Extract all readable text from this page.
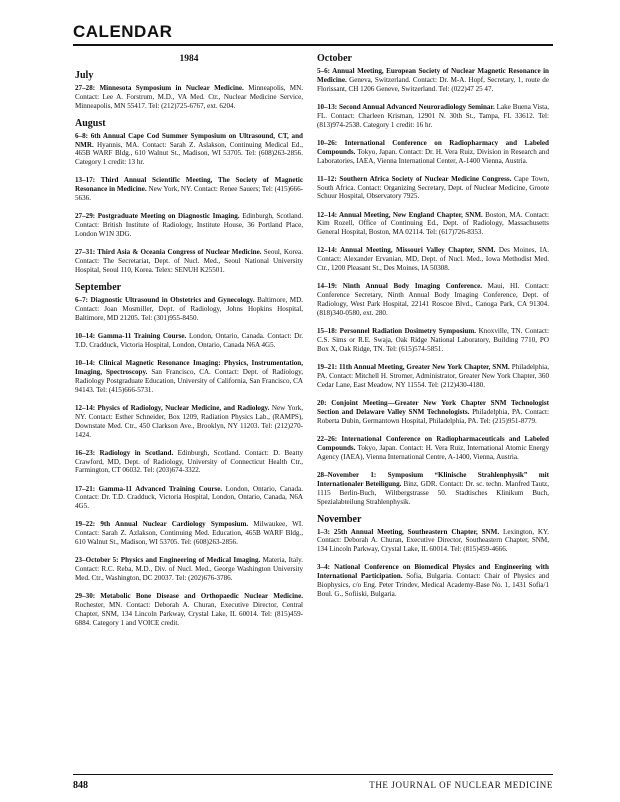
CALENDAR
1984
July

27–28: Minnesota Symposium in Nuclear Medicine. Minneapolis, MN. Contact: Lee A. Forstrum, M.D., VA Med. Ctr., Nuclear Medicine Service, Minneapolis, MN 55417. Tel: (212)725-6767, ext. 6204.

August

6–8: 6th Annual Cape Cod Summer Symposium on Ultrasound, CT, and NMR. Hyannis, MA. Contact: Sarah Z. Aslakson, Continuing Medical Ed., 465B WARF Bldg., 610 Walnut St., Madison, WI 53705. Tel: (608)263-2856. Category 1 credit: 13 hr.

13–17: Third Annual Scientific Meeting, The Society of Magnetic Resonance in Medicine. New York, NY. Contact: Renee Sauers; Tel: (415)666-5636.

27–29: Postgraduate Meeting on Diagnostic Imaging. Edinburgh, Scotland. Contact: British Institute of Radiology, Institute House, 36 Portland Place, London W1N 3DG.

27–31: Third Asia & Oceania Congress of Nuclear Medicine. Seoul, Korea. Contact: The Secretariat, Dept. of Nucl. Med., Seoul National University Hospital, Seoul 110, Korea. Telex: SENUH K25501.

September

6–7: Diagnostic Ultrasound in Obstetrics and Gynecology. Baltimore, MD. Contact: Joan Mosmiller, Dept. of Radiology, Johns Hopkins Hospital, Baltimore, MD 21205. Tel: (301)955-8450.

10–14: Gamma-11 Training Course. London, Ontario, Canada. Contact: Dr. T.D. Cradduck, Victoria Hospital, London, Ontario, Canada N6A 4G5.

10–14: Clinical Magnetic Resonance Imaging: Physics, Instrumentation, Imaging, Spectroscopy. San Francisco, CA. Contact: Dept. of Radiology, Radiology Postgraduate Education, University of California, San Francisco, CA 94143. Tel: (415)666-5731.

12–14: Physics of Radiology, Nuclear Medicine, and Radiology. New York, NY. Contact: Esther Schneider, Box 1209, Radiation Physics Lab., (RAMPS), Downstate Med. Ctr., 450 Clarkson Ave., Brooklyn, NY 11203. Tel: (212)270-1424.

16–23: Radiology in Scotland. Edinburgh, Scotland. Contact: D. Beatty Crawford, MD, Dept. of Radiology, University of Connecticut Health Ctr., Farmington, CT 06032. Tel: (203)674-3322.

17–21: Gamma-11 Advanced Training Course. London, Ontario, Canada. Contact: Dr. T.D. Cradduck, Victoria Hospital, London, Ontario, Canada, N6A 4G5.

19–22: 9th Annual Nuclear Cardiology Symposium. Milwaukee, WI. Contact: Sarah Z. Azlakson, Continuing Med. Education, 465B WARF Bldg., 610 Walnut St., Madison, WI 53705. Tel: (608)263-2856.

23–October 5: Physics and Engineering of Medical Imaging. Materia, Italy. Contact: R.C. Reba, M.D., Div. of Nucl. Med., George Washington University Med. Ctr., Washington, DC 20037. Tel: (202)676-3786.

29–30: Metabolic Bone Disease and Orthopaedic Nuclear Medicine. Rochester, MN. Contact: Deborah A. Churan, Executive Director, Central Chapter, SNM, 134 Lincoln Parkway, Crystal Lake, IL 60014. Tel: (815)459-6884. Category 1 and VOICE credit.

October

5–6: Annual Meeting, European Society of Nuclear Magnetic Resonance in Medicine. Geneva, Switzerland. Contact: Dr. M-A. Hopf, Secretary, 1, route de Florissant, CH 1206 Geneve, Switzerland. Tel: (022)47 25 47.

10–13: Second Annual Advanced Neuroradiology Seminar. Lake Buena Vista, FL. Contact: Charleen Krisman, 12901 N. 30th St., Tampa, FL 33612. Tel: (813)974-2538. Category 1 credit: 16 hr.

10–26: International Conference on Radiopharmacy and Labeled Compounds. Tokyo, Japan. Contact: Dr. H. Vera Ruiz, Division in Research and Laboratories, IAEA, Vienna International Center, A-1400 Vienna, Austria.

11–12: Southern Africa Society of Nuclear Medicine Congress. Cape Town, South Africa. Contact: Organizing Secretary, Dept. of Nuclear Medicine, Groote Schuur Hospital, Observatory 7925.

12–14: Annual Meeting, New England Chapter, SNM. Boston, MA. Contact: Kim Rozell, Office of Continuing Ed., Dept. of Radiology, Massachusetts General Hospital, Boston, MA 02114. Tel: (617)726-8353.

12–14: Annual Meeting, Missouri Valley Chapter, SNM. Des Moines, IA. Contact: Alexander Ervanian, MD, Dept. of Nucl. Med., Iowa Methodist Med. Ctr., 1200 Pleasant St., Des Moines, IA 50308.

14–19: Ninth Annual Body Imaging Conference. Maui, HI. Contact: Conference Secretary, Ninth Annual Body Imaging Conference, Dept. of Radiology, West Park Hospital, 22141 Roscoe Blvd., Canoga Park, CA 91304. (818)340-0580, ext. 280.

15–18: Personnel Radiation Dosimetry Symposium. Knoxville, TN. Contact: C.S. Sims or R.E. Swaja, Oak Ridge National Laboratory, Building 7710, PO Box X, Oak Ridge, TN. Tel: (615)574-5851.

19–21: 11th Annual Meeting, Greater New York Chapter, SNM. Philadelphia, PA. Contact: Mitchell H. Stromer, Administrator, Greater New York Chapter, 360 Cedar Lane, East Meadow, NY 11554. Tel: (212)430-4180.

20: Conjoint Meeting—Greater New York Chapter SNM Technologist Section and Delaware Valley SNM Technologists. Philadelphia, PA. Contact: Roberta Dubin, Germantown Hospital, Philadelphia, PA. Tel: (215)951-8779.

22–26: International Conference on Radiopharmaceuticals and Labeled Compounds. Tokyo, Japan. Contact: H. Vera Ruiz, International Atomic Energy Agency (IAEA), Vienna International Centre, A-1400, Vienna, Austria.

28–November 1: Symposium “Klinische Strahlenphysik” mit Internationaler Beteiligung. Binz, GDR. Contact: Dr. sc. techn. Manfred Tautz, 1115 Berlin-Buch, Wiltbergstrasse 50. Stadtisches Klinikum Buch, Spezialabteilung Strahlenphysik.

November

1–3: 25th Annual Meeting, Southeastern Chapter, SNM. Lexington, KY. Contact: Deborah A. Churan, Executive Director, Southeastern Chapter, SNM, 134 Lincoln Parkway, Crystal Lake, IL 60014. Tel: (815)459-4666.

3–4: National Conference on Biomedical Physics and Engineering with International Participation. Sofia, Bulgaria. Contact: Chair of Physics and Biophysics, c/o Eng. Peter Trindev, Medical Academy-Base No. 1, 1431 Sofia/1 Boul. G., Sofiiski, Bulgaria.

848	THE JOURNAL OF NUCLEAR MEDICINE
